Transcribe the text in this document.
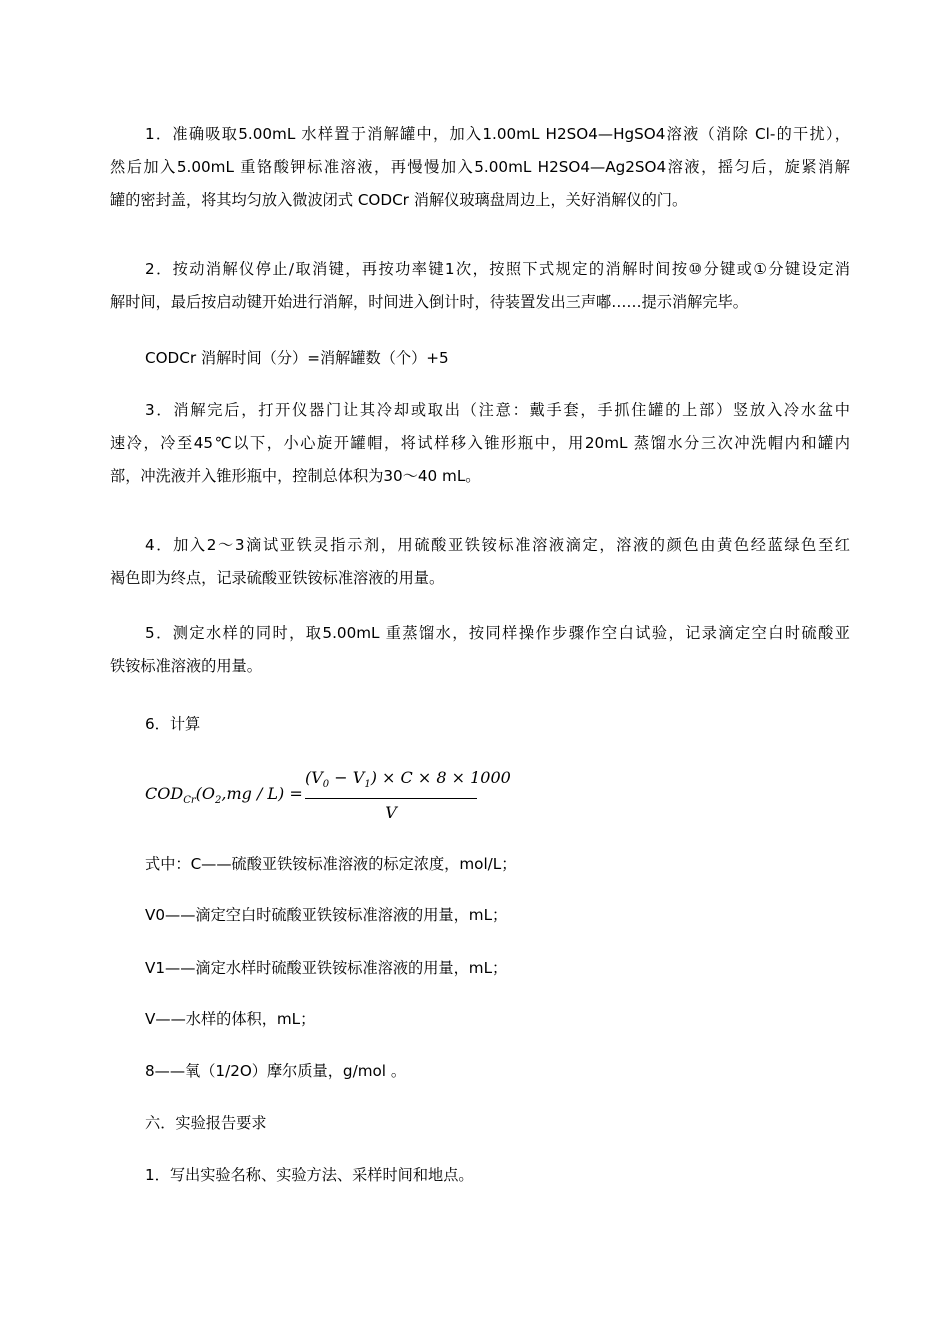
1．准确吸取5.00mL 水样置于消解罐中，加入1.00mL H2SO4—HgSO4溶液（消除 Cl-的干扰），
然后加入5.00mL 重铬酸钾标准溶液，再慢慢加入5.00mL H2SO4—Ag2SO4溶液，摇匀后，旋紧消解
罐的密封盖，将其均匀放入微波闭式 CODCr 消解仪玻璃盘周边上，关好消解仪的门。
2．按动消解仪停止/取消键，再按功率键1次，按照下式规定的消解时间按⑩分键或①分键设定消
解时间，最后按启动键开始进行消解，时间进入倒计时，待装置发出三声嘟……提示消解完毕。

CODCr 消解时间（分）=消解罐数（个）+5

3．消解完后，打开仪器门让其冷却或取出（注意：戴手套，手抓住罐的上部）竖放入冷水盆中
速冷，冷至45℃以下，小心旋开罐帽，将试样移入锥形瓶中，用20mL 蒸馏水分三次冲洗帽内和罐内
部，冲洗液并入锥形瓶中，控制总体积为30～40 mL。
4．加入2～3滴试亚铁灵指示剂，用硫酸亚铁铵标准溶液滴定，溶液的颜色由黄色经蓝绿色至红
褐色即为终点，记录硫酸亚铁铵标准溶液的用量。
5．测定水样的同时，取5.00mL 重蒸馏水，按同样操作步骤作空白试验，记录滴定空白时硫酸亚
铁铵标准溶液的用量。

6．计算

$COD_{Cr}(O_2,mg / L)$ =
$(V_0 - V_1) \times C \times 8 \times 1000$
V

式中：C——硫酸亚铁铵标准溶液的标定浓度，mol/L；

V0——滴定空白时硫酸亚铁铵标准溶液的用量，mL；

V1——滴定水样时硫酸亚铁铵标准溶液的用量，mL；

V——水样的体积，mL；

8——氧（1/2O）摩尔质量，g/mol 。

六．实验报告要求

1．写出实验名称、实验方法、采样时间和地点。
